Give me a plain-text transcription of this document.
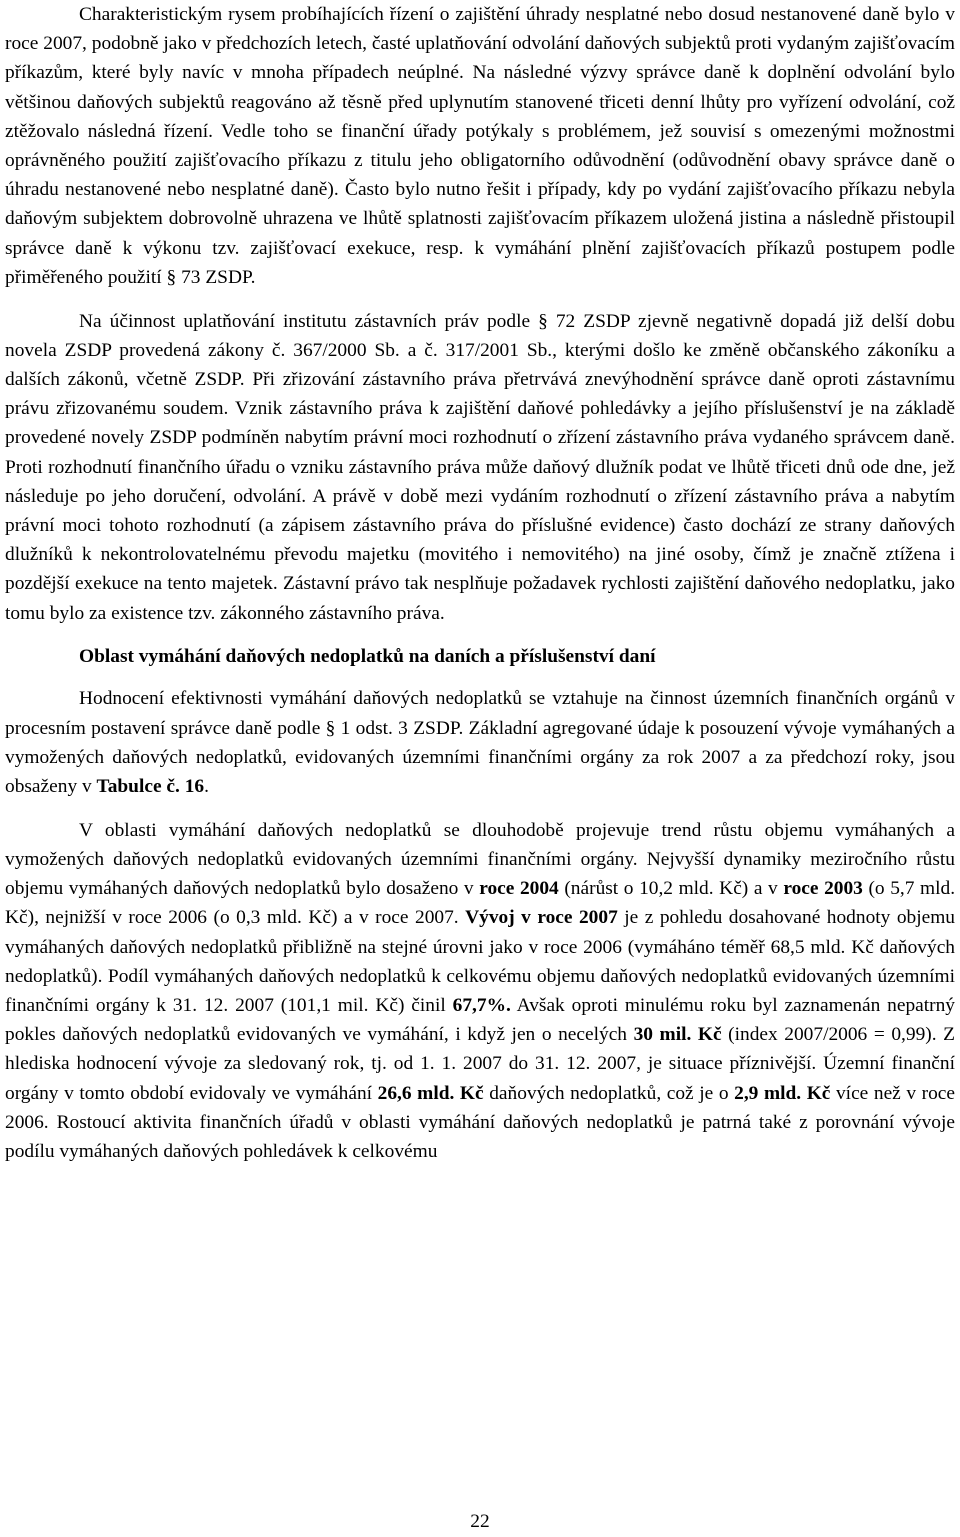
Charakteristickým rysem probíhajících řízení o zajištění úhrady nesplatné nebo dosud nestanovené daně bylo v roce 2007, podobně jako v předchozích letech, časté uplatňování odvolání daňových subjektů proti vydaným zajišťovacím příkazům, které byly navíc v mnoha případech neúplné. Na následné výzvy správce daně k doplnění odvolání bylo většinou daňových subjektů reagováno až těsně před uplynutím stanovené třiceti denní lhůty pro vyřízení odvolání, což ztěžovalo následná řízení. Vedle toho se finanční úřady potýkaly s problémem, jež souvisí s omezenými možnostmi oprávněného použití zajišťovacího příkazu z titulu jeho obligatorního odůvodnění (odůvodnění obavy správce daně o úhradu nestanovené nebo nesplatné daně). Často bylo nutno řešit i případy, kdy po vydání zajišťovacího příkazu nebyla daňovým subjektem dobrovolně uhrazena ve lhůtě splatnosti zajišťovacím příkazem uložená jistina a následně přistoupil správce daně k výkonu tzv. zajišťovací exekuce, resp. k vymáhání plnění zajišťovacích příkazů postupem podle přiměřeného použití § 73 ZSDP.

Na účinnost uplatňování institutu zástavních práv podle § 72 ZSDP zjevně negativně dopadá již delší dobu novela ZSDP provedená zákony č. 367/2000 Sb. a č. 317/2001 Sb., kterými došlo ke změně občanského zákoníku a dalších zákonů, včetně ZSDP. Při zřizování zástavního práva přetrvává znevýhodnění správce daně oproti zástavnímu právu zřizovanému soudem. Vznik zástavního práva k zajištění daňové pohledávky a jejího příslušenství je na základě provedené novely ZSDP podmíněn nabytím právní moci rozhodnutí o zřízení zástavního práva vydaného správcem daně. Proti rozhodnutí finančního úřadu o vzniku zástavního práva může daňový dlužník podat ve lhůtě třiceti dnů ode dne, jež následuje po jeho doručení, odvolání. A právě v době mezi vydáním rozhodnutí o zřízení zástavního práva a nabytím právní moci tohoto rozhodnutí (a zápisem zástavního práva do příslušné evidence) často dochází ze strany daňových dlužníků k nekontrolovatelnému převodu majetku (movitého i nemovitého) na jiné osoby, čímž je značně ztížena i pozdější exekuce na tento majetek. Zástavní právo tak nesplňuje požadavek rychlosti zajištění daňového nedoplatku, jako tomu bylo za existence tzv. zákonného zástavního práva.

Oblast vymáhání daňových nedoplatků na daních a příslušenství daní

Hodnocení efektivnosti vymáhání daňových nedoplatků se vztahuje na činnost územních finančních orgánů v procesním postavení správce daně podle § 1 odst. 3 ZSDP. Základní agregované údaje k posouzení vývoje vymáhaných a vymožených daňových nedoplatků, evidovaných územními finančními orgány za rok 2007 a za předchozí roky, jsou obsaženy v Tabulce č. 16.

V oblasti vymáhání daňových nedoplatků se dlouhodobě projevuje trend růstu objemu vymáhaných a vymožených daňových nedoplatků evidovaných územními finančními orgány. Nejvyšší dynamiky meziročního růstu objemu vymáhaných daňových nedoplatků bylo dosaženo v roce 2004 (nárůst o 10,2 mld. Kč) a v roce 2003 (o 5,7 mld. Kč), nejnižší v roce 2006 (o 0,3 mld. Kč) a v roce 2007. Vývoj v roce 2007 je z pohledu dosahované hodnoty objemu vymáhaných daňových nedoplatků přibližně na stejné úrovni jako v roce 2006 (vymáháno téměř 68,5 mld. Kč daňových nedoplatků). Podíl vymáhaných daňových nedoplatků k celkovému objemu daňových nedoplatků evidovaných územními finančními orgány k 31. 12. 2007 (101,1 mil. Kč) činil 67,7%. Avšak oproti minulému roku byl zaznamenán nepatrný pokles daňových nedoplatků evidovaných ve vymáhání, i když jen o necelých 30 mil. Kč (index 2007/2006 = 0,99). Z hlediska hodnocení vývoje za sledovaný rok, tj. od 1. 1. 2007 do 31. 12. 2007, je situace příznivější. Územní finanční orgány v tomto období evidovaly ve vymáhání 26,6 mld. Kč daňových nedoplatků, což je o 2,9 mld. Kč více než v roce 2006. Rostoucí aktivita finančních úřadů v oblasti vymáhání daňových nedoplatků je patrná také z porovnání vývoje podílu vymáhaných daňových pohledávek k celkovému

22
